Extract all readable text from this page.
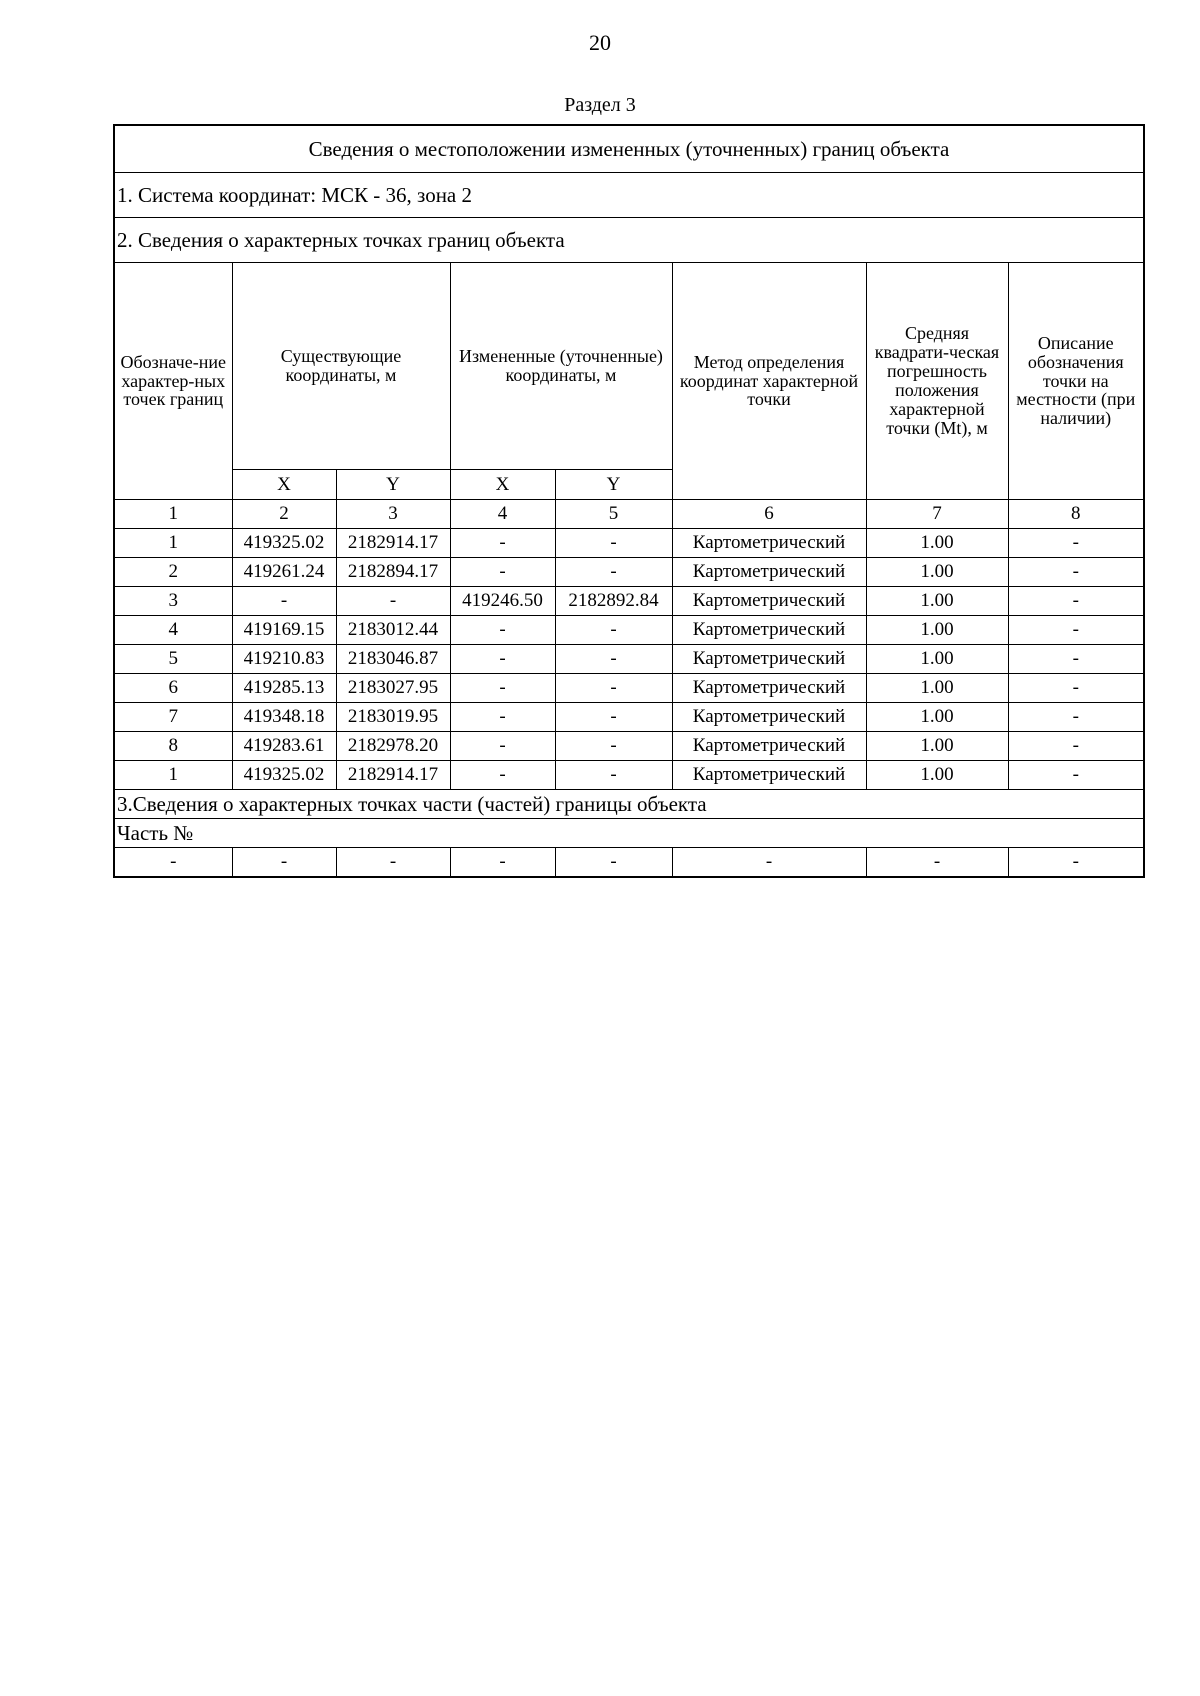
20
Раздел 3
Сведения о местоположении измененных (уточненных) границ объекта							
1. Система координат: МСК - 36, зона 2							
2. Сведения о характерных точках границ объекта							
Обозначе-ние характер-ных точек границ	Существующие координаты, м		Измененные (уточненные) координаты, м		Метод определения координат характерной точки	Средняя квадрати-ческая погрешность положения характерной точки (Mt), м	Описание обозначения точки на местности (при наличии)
	X	Y	X	Y			
1	2	3	4	5	6	7	8
1	419325.02	2182914.17	-	-	Картометрический	1.00	-
2	419261.24	2182894.17	-	-	Картометрический	1.00	-
3	-	-	419246.50	2182892.84	Картометрический	1.00	-
4	419169.15	2183012.44	-	-	Картометрический	1.00	-
5	419210.83	2183046.87	-	-	Картометрический	1.00	-
6	419285.13	2183027.95	-	-	Картометрический	1.00	-
7	419348.18	2183019.95	-	-	Картометрический	1.00	-
8	419283.61	2182978.20	-	-	Картометрический	1.00	-
1	419325.02	2182914.17	-	-	Картометрический	1.00	-
3.Сведения о характерных точках части (частей) границы объекта							
Часть №							
-	-	-	-	-	-	-	-
